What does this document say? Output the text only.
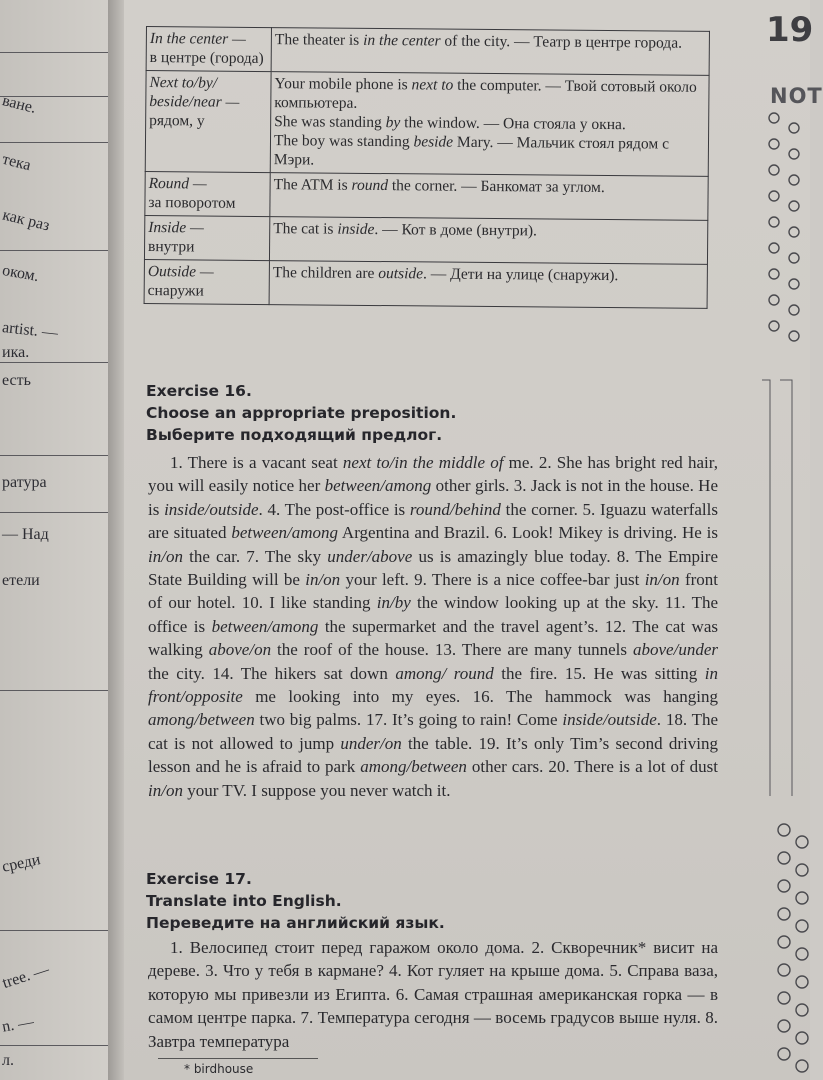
ване.
тека
как раз
оком.
artist. —
ика.
есть
ратура
— Над
етели
среди
tree. —
n. —
л.
In the center —
в центре (города)	The theater is in the center of the city. — Театр в центре города.
Next to/by/ beside/near —
рядом, у	Your mobile phone is next to the computer. — Твой сотовый около компьютера.
She was standing by the window. — Она стояла у окна.
The boy was standing beside Mary. — Мальчик стоял рядом с Мэри.
Round —
за поворотом	The ATM is round the corner. — Банкомат за углом.
Inside —
внутри	The cat is inside. — Кот в доме (внутри).
Outside —
снаружи	The children are outside. — Дети на улице (снаружи).
Exercise 16.
Choose an appropriate preposition.
Выберите подходящий предлог.

1. There is a vacant seat next to/in the middle of me. 2. She has bright red hair, you will easily notice her between/among other girls. 3. Jack is not in the house. He is inside/outside. 4. The post-office is round/behind the corner. 5. Iguazu waterfalls are situated between/among Argentina and Brazil. 6. Look! Mikey is driving. He is in/on the car. 7. The sky under/above us is amazingly blue today. 8. The Empire State Building will be in/on your left. 9. There is a nice coffee-bar just in/on front of our hotel. 10. I like standing in/by the window looking up at the sky. 11. The office is between/among the supermarket and the travel agent’s. 12. The cat was walking above/on the roof of the house. 13. There are many tunnels above/under the city. 14. The hikers sat down among/ round the fire. 15. He was sitting in front/opposite me looking into my eyes. 16. The hammock was hanging among/between two big palms. 17. It’s going to rain! Come inside/outside. 18. The cat is not allowed to jump under/on the table. 19. It’s only Tim’s second driving lesson and he is afraid to park among/between other cars. 20. There is a lot of dust in/on your TV. I suppose you never watch it.

Exercise 17.
Translate into English.
Переведите на английский язык.

1. Велосипед стоит перед гаражом около дома. 2. Скворечник* висит на дереве. 3. Что у тебя в кармане? 4. Кот гуляет на крыше дома. 5. Справа ваза, которую мы привезли из Египта. 6. Самая страшная американская горка — в самом центре парка. 7. Температура сегодня — восемь градусов выше нуля. 8. Завтра температура

* birdhouse
19
NOT
